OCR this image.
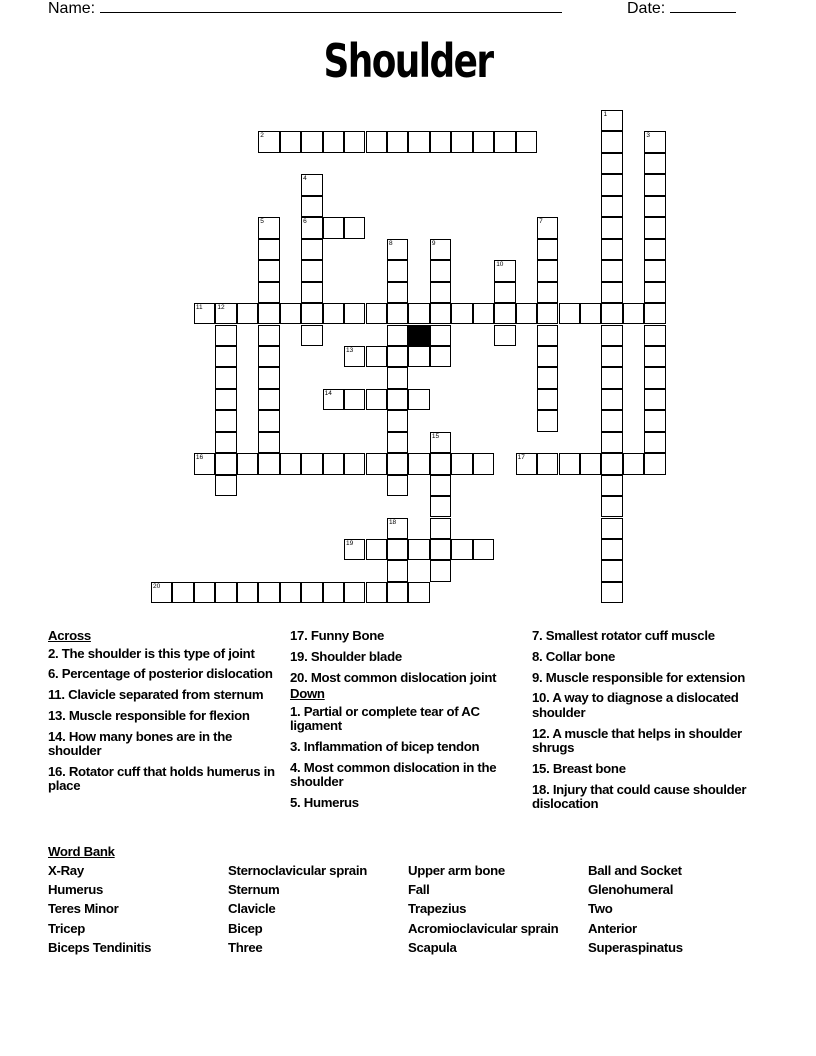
Name:	Date:
Shoulder
1
2	3
4
6
5	7
8	9
10
11 12
13
14
15
16	17
18
19
20
Across
2. The shoulder is this type of joint
6. Percentage of posterior dislocation
11. Clavicle separated from sternum
13. Muscle responsible for flexion
14. How many bones are in the shoulder
16. Rotator cuff that holds humerus in place
17. Funny Bone
19. Shoulder blade
20. Most common dislocation joint
Down
1. Partial or complete tear of AC ligament
3. Inflammation of bicep tendon
4. Most common dislocation in the shoulder
5. Humerus
7. Smallest rotator cuff muscle
8. Collar bone
9. Muscle responsible for extension
10. A way to diagnose a dislocated shoulder
12. A muscle that helps in shoulder shrugs
15. Breast bone
18. Injury that could cause shoulder dislocation
Word Bank
X-Ray
Humerus
Teres Minor
Tricep
Biceps Tendinitis
Sternoclavicular sprain
Sternum
Clavicle
Bicep
Three
Upper arm bone
Fall
Trapezius
Acromioclavicular sprain
Scapula
Ball and Socket
Glenohumeral
Two
Anterior
Superaspinatus
